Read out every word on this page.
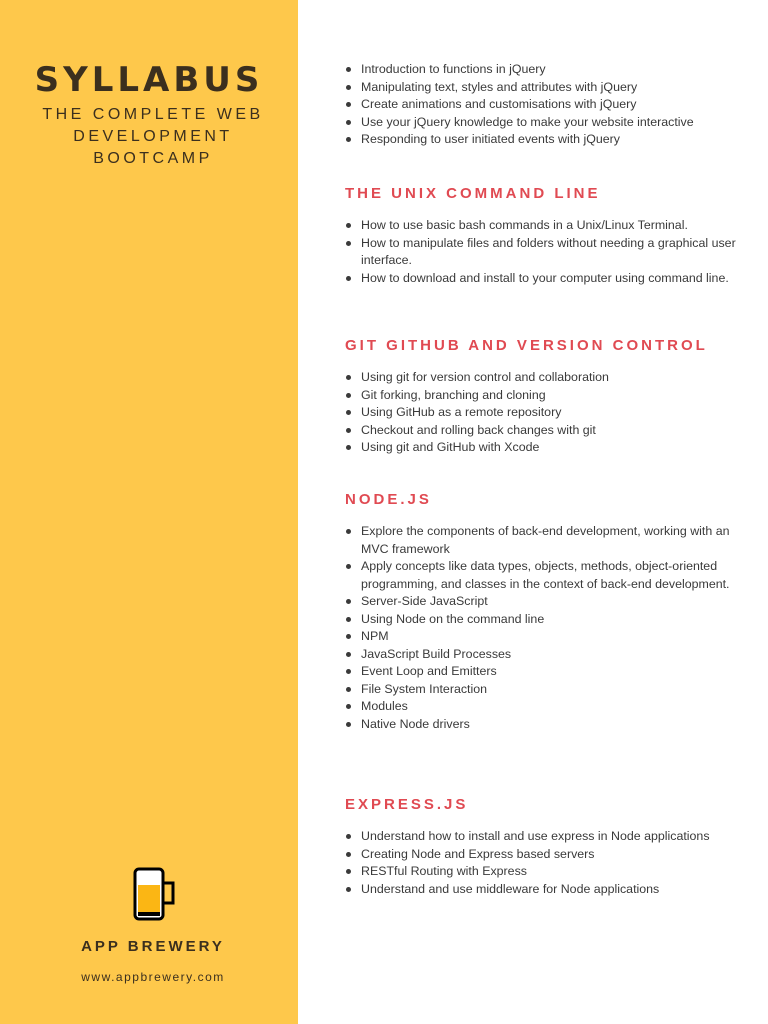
SYLLABUS
THE COMPLETE WEB
DEVELOPMENT
BOOTCAMP
APP BREWERY
www.appbrewery.com
Introduction to functions in jQuery
Manipulating text, styles and attributes with jQuery
Create animations and customisations with jQuery
Use your jQuery knowledge to make your website interactive
Responding to user initiated events with jQuery
THE UNIX COMMAND LINE
How to use basic bash commands in a Unix/Linux Terminal.
How to manipulate files and folders without needing a graphical user interface.
How to download and install to your computer using command line.
GIT GITHUB AND VERSION CONTROL
Using git for version control and collaboration
Git forking, branching and cloning
Using GitHub as a remote repository
Checkout and rolling back changes with git
Using git and GitHub with Xcode
NODE.JS
Explore the components of back-end development, working with an MVC framework
Apply concepts like data types, objects, methods, object-oriented programming, and classes in the context of back-end development.
Server-Side JavaScript
Using Node on the command line
NPM
JavaScript Build Processes
Event Loop and Emitters
File System Interaction
Modules
Native Node drivers
EXPRESS.JS
Understand how to install and use express in Node applications
Creating Node and Express based servers
RESTful Routing with Express
Understand and use middleware for Node applications
